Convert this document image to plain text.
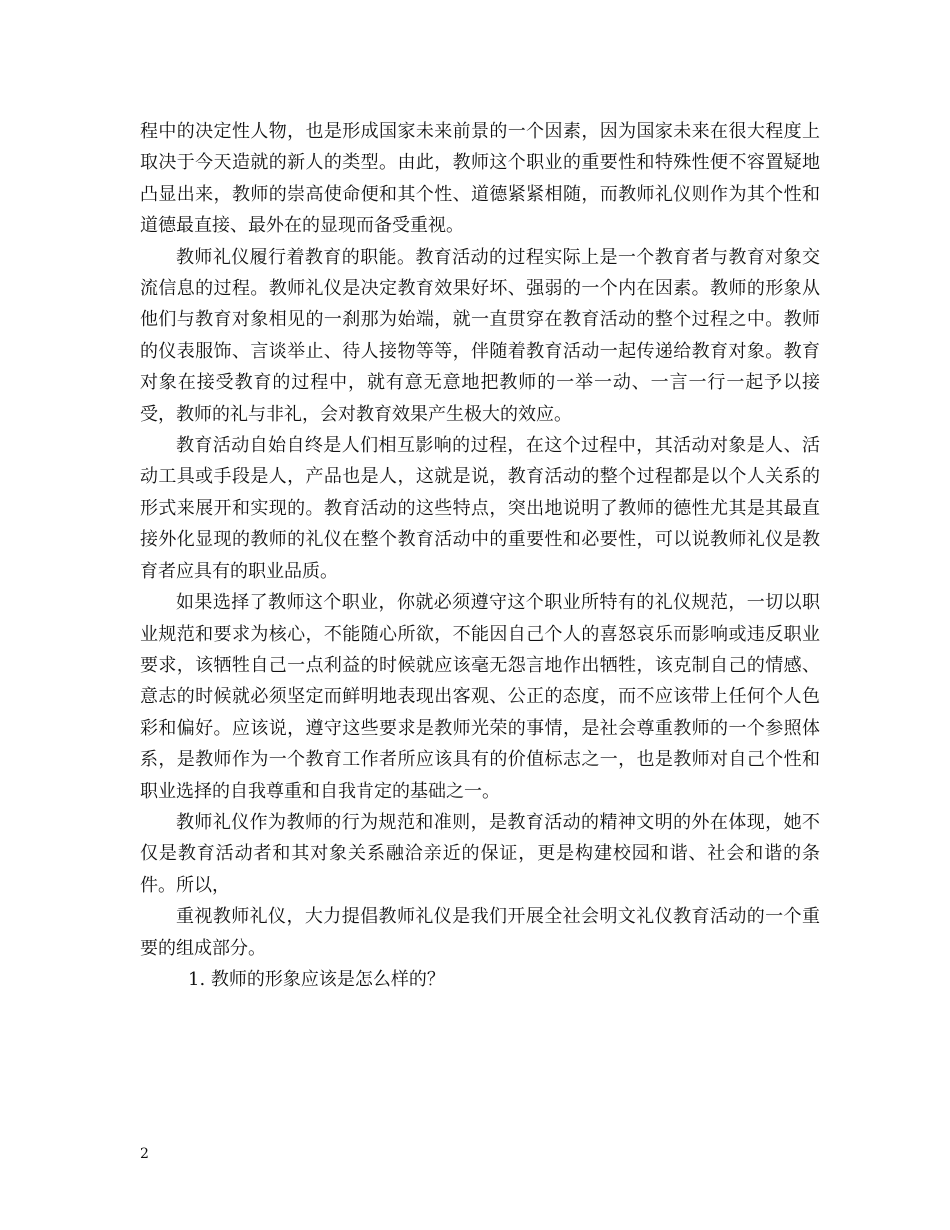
程中的决定性人物，也是形成国家未来前景的一个因素，因为国家未来在很大程度上取决于今天造就的新人的类型。由此，教师这个职业的重要性和特殊性便不容置疑地凸显出来，教师的崇高使命便和其个性、道德紧紧相随，而教师礼仪则作为其个性和道德最直接、最外在的显现而备受重视。

教师礼仪履行着教育的职能。教育活动的过程实际上是一个教育者与教育对象交流信息的过程。教师礼仪是决定教育效果好坏、强弱的一个内在因素。教师的形象从他们与教育对象相见的一刹那为始端，就一直贯穿在教育活动的整个过程之中。教师的仪表服饰、言谈举止、待人接物等等，伴随着教育活动一起传递给教育对象。教育对象在接受教育的过程中，就有意无意地把教师的一举一动、一言一行一起予以接受，教师的礼与非礼，会对教育效果产生极大的效应。

教育活动自始自终是人们相互影响的过程，在这个过程中，其活动对象是人、活动工具或手段是人，产品也是人，这就是说，教育活动的整个过程都是以个人关系的形式来展开和实现的。教育活动的这些特点，突出地说明了教师的德性尤其是其最直接外化显现的教师的礼仪在整个教育活动中的重要性和必要性，可以说教师礼仪是教育者应具有的职业品质。

如果选择了教师这个职业，你就必须遵守这个职业所特有的礼仪规范，一切以职业规范和要求为核心，不能随心所欲，不能因自己个人的喜怒哀乐而影响或违反职业要求，该牺牲自己一点利益的时候就应该毫无怨言地作出牺牲，该克制自己的情感、意志的时候就必须坚定而鲜明地表现出客观、公正的态度，而不应该带上任何个人色彩和偏好。应该说，遵守这些要求是教师光荣的事情，是社会尊重教师的一个参照体系，是教师作为一个教育工作者所应该具有的价值标志之一，也是教师对自己个性和职业选择的自我尊重和自我肯定的基础之一。

教师礼仪作为教师的行为规范和准则，是教育活动的精神文明的外在体现，她不仅是教育活动者和其对象关系融洽亲近的保证，更是构建校园和谐、社会和谐的条件。所以，

重视教师礼仪，大力提倡教师礼仪是我们开展全社会明文礼仪教育活动的一个重要的组成部分。

1. 教师的形象应该是怎么样的？

2
